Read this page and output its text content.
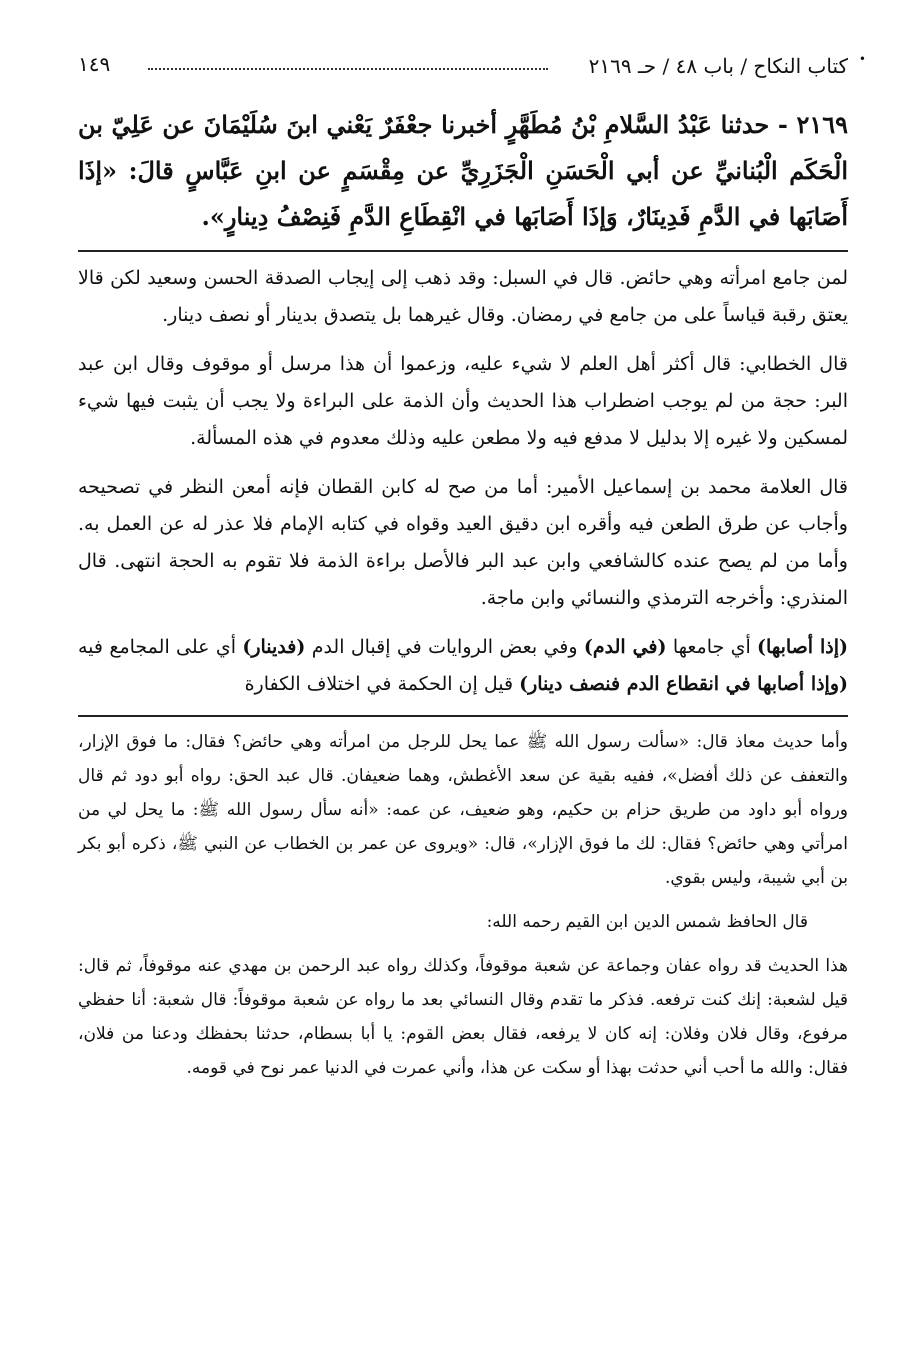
١٤٩	كتاب النكاح / باب ٤٨ / حـ ٢١٦٩ •
٢١٦٩ - حدثنا عَبْدُ السَّلامِ بْنُ مُطَهَّرٍ أخبرنا جعْفَرٌ يَعْني ابنَ سُلَيْمَانَ عن عَلِيّ بن الْحَكَم الْبُنانيِّ عن أبي الْحَسَنِ الْجَزَرِيِّ عن مِقْسَمٍ عن ابنِ عَبَّاسٍ قالَ: «إذَا أَصَابَها في الدَّمِ فَدِينَارٌ، وَإذَا أَصَابَها في انْقِطَاعِ الدَّمِ فَنِصْفُ دِينارٍ».

لمن جامع امرأته وهي حائض. قال في السبل: وقد ذهب إلى إيجاب الصدقة الحسن وسعيد لكن قالا يعتق رقبة قياساً على من جامع في رمضان. وقال غيرهما بل يتصدق بدينار أو نصف دينار.

قال الخطابي: قال أكثر أهل العلم لا شيء عليه، وزعموا أن هذا مرسل أو موقوف وقال ابن عبد البر: حجة من لم يوجب اضطراب هذا الحديث وأن الذمة على البراءة ولا يجب أن يثبت فيها شيء لمسكين ولا غيره إلا بدليل لا مدفع فيه ولا مطعن عليه وذلك معدوم في هذه المسألة.

قال العلامة محمد بن إسماعيل الأمير: أما من صح له كابن القطان فإنه أمعن النظر في تصحيحه وأجاب عن طرق الطعن فيه وأقره ابن دقيق العيد وقواه في كتابه الإمام فلا عذر له عن العمل به. وأما من لم يصح عنده كالشافعي وابن عبد البر فالأصل براءة الذمة فلا تقوم به الحجة انتهى. قال المنذري: وأخرجه الترمذي والنسائي وابن ماجة.

(إذا أصابها) أي جامعها (في الدم) وفي بعض الروايات في إقبال الدم (فدينار) أي على المجامع فيه (وإذا أصابها في انقطاع الدم فنصف دينار) قيل إن الحكمة في اختلاف الكفارة

وأما حديث معاذ قال: «سألت رسول الله ﷺ عما يحل للرجل من امرأته وهي حائض؟ فقال: ما فوق الإزار، والتعفف عن ذلك أفضل»، ففيه بقية عن سعد الأغطش، وهما ضعيفان. قال عبد الحق: رواه أبو دود ثم قال ورواه أبو داود من طريق حزام بن حكيم، وهو ضعيف، عن عمه: «أنه سأل رسول الله ﷺ: ما يحل لي من امرأتي وهي حائض؟ فقال: لك ما فوق الإزار»، قال: «ويروى عن عمر بن الخطاب عن النبي ﷺ، ذكره أبو بكر بن أبي شيبة، وليس بقوي.

قال الحافظ شمس الدين ابن القيم رحمه الله:

هذا الحديث قد رواه عفان وجماعة عن شعبة موقوفاً، وكذلك رواه عبد الرحمن بن مهدي عنه موقوفاً، ثم قال: قيل لشعبة: إنك كنت ترفعه. فذكر ما تقدم وقال النسائي بعد ما رواه عن شعبة موقوفاً: قال شعبة: أنا حفظي مرفوع، وقال فلان وفلان: إنه كان لا يرفعه، فقال بعض القوم: يا أبا بسطام، حدثنا بحفظك ودعنا من فلان، فقال: والله ما أحب أني حدثت بهذا أو سكت عن هذا، وأني عمرت في الدنيا عمر نوح في قومه.
